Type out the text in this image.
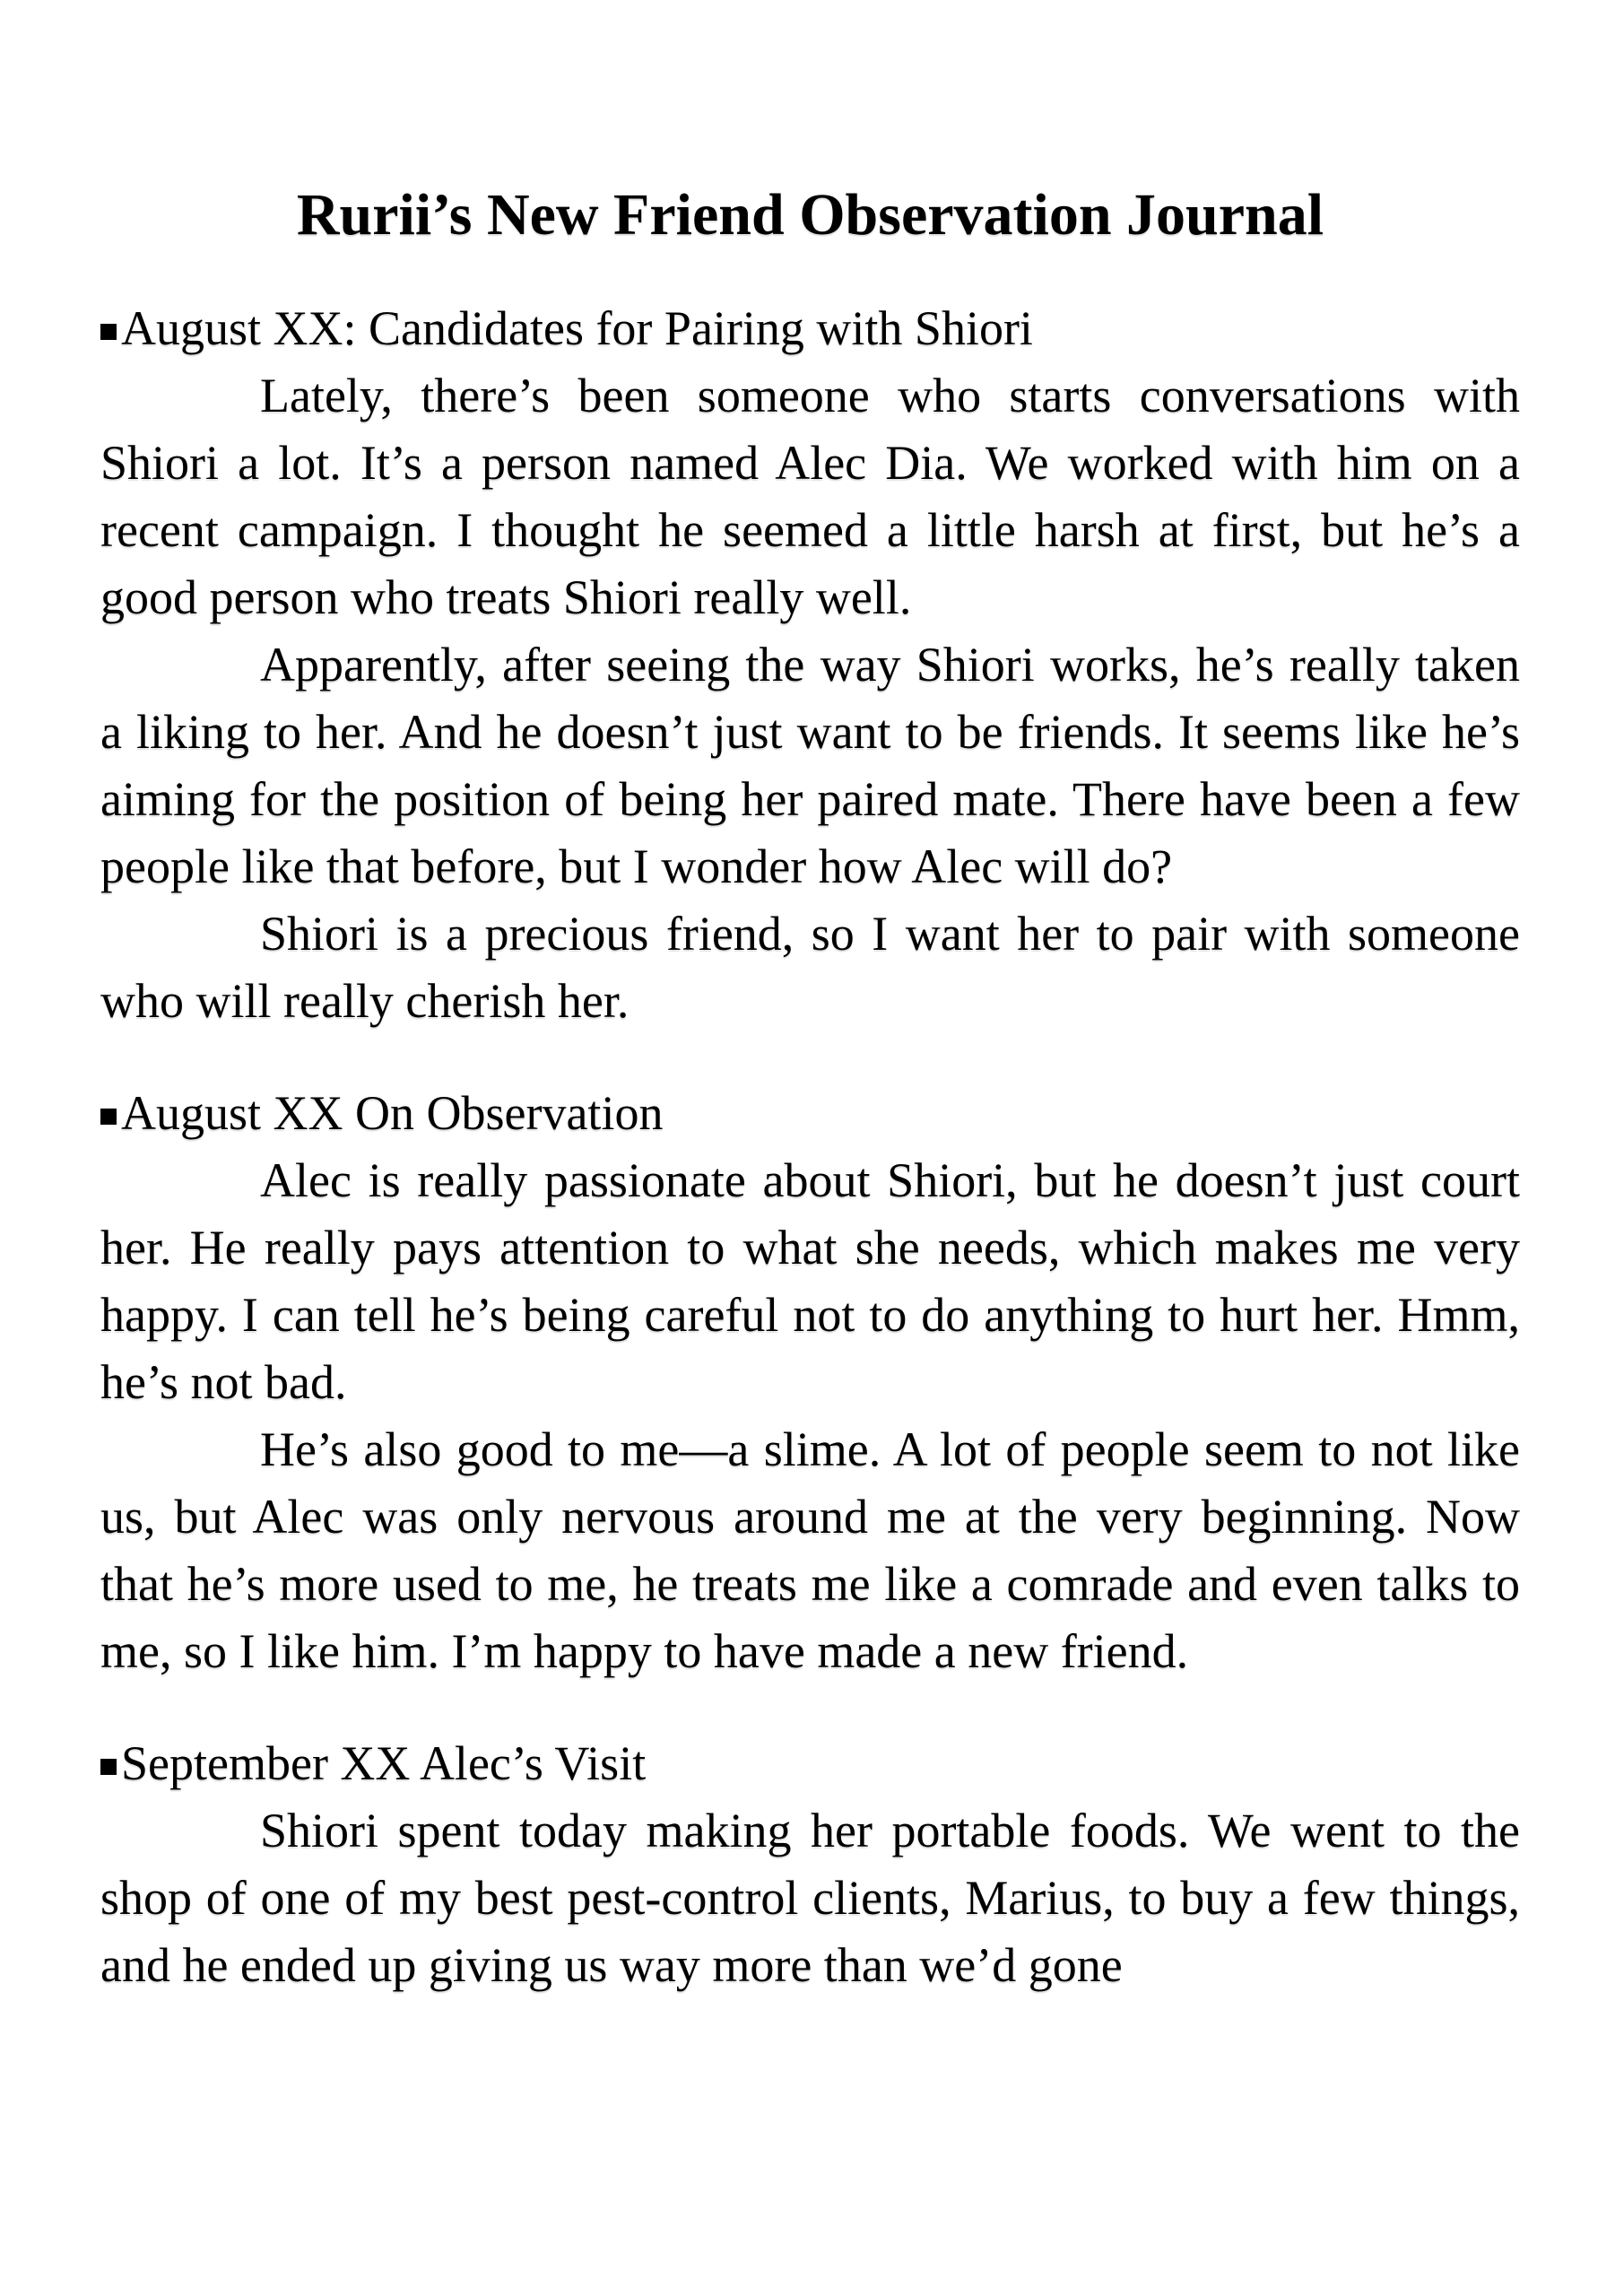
Rurii’s New Friend Observation Journal
August XX: Candidates for Pairing with Shiori

Lately, there’s been someone who starts conversations with Shiori a lot. It’s a person named Alec Dia. We worked with him on a recent campaign. I thought he seemed a little harsh at first, but he’s a good person who treats Shiori really well.

Apparently, after seeing the way Shiori works, he’s really taken a liking to her. And he doesn’t just want to be friends. It seems like he’s aiming for the position of being her paired mate. There have been a few people like that before, but I wonder how Alec will do?

Shiori is a precious friend, so I want her to pair with someone who will really cherish her.

August XX On Observation

Alec is really passionate about Shiori, but he doesn’t just court her. He really pays attention to what she needs, which makes me very happy. I can tell he’s being careful not to do anything to hurt her. Hmm, he’s not bad.

He’s also good to me—a slime. A lot of people seem to not like us, but Alec was only nervous around me at the very beginning. Now that he’s more used to me, he treats me like a comrade and even talks to me, so I like him. I’m happy to have made a new friend.

September XX Alec’s Visit

Shiori spent today making her portable foods. We went to the shop of one of my best pest-control clients, Marius, to buy a few things, and he ended up giving us way more than we’d gone
